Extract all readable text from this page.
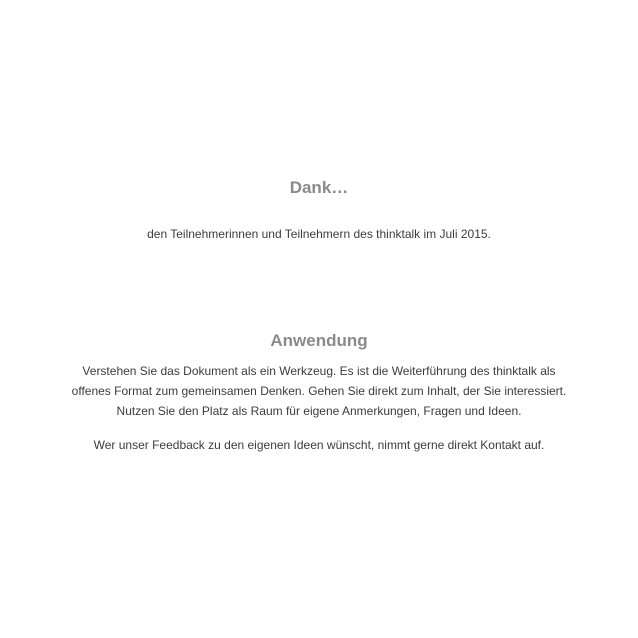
Dank…

den Teilnehmerinnen und Teilnehmern des thinktalk im Juli 2015.

Anwendung

Verstehen Sie das Dokument als ein Werkzeug. Es ist die Weiterführung des thinktalk als

offenes Format zum gemeinsamen Denken. Gehen Sie direkt zum Inhalt, der Sie interessiert.

Nutzen Sie den Platz als Raum für eigene Anmerkungen, Fragen und Ideen.

Wer unser Feedback zu den eigenen Ideen wünscht, nimmt gerne direkt Kontakt auf.
